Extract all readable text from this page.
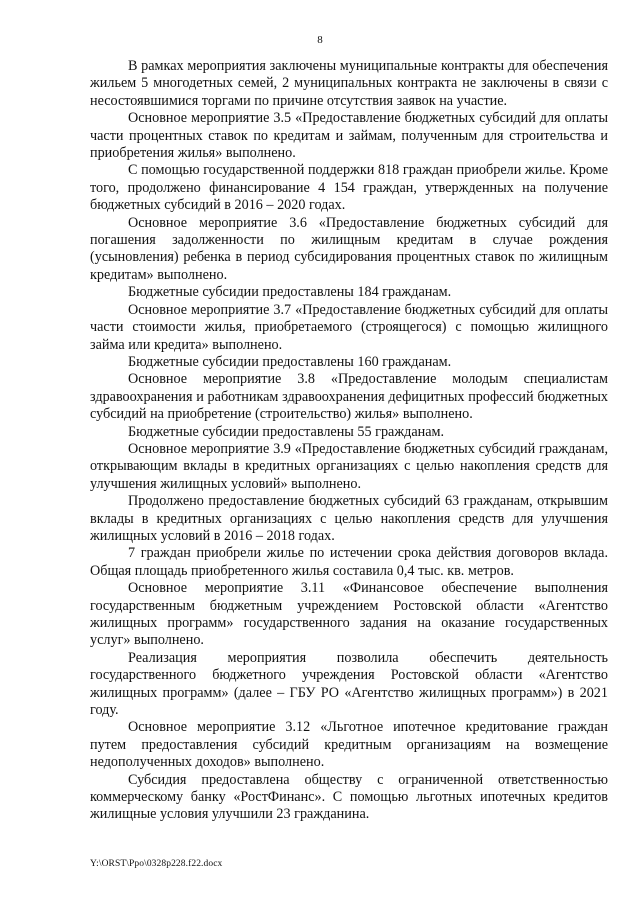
8

В рамках мероприятия заключены муниципальные контракты для обеспечения жильем 5 многодетных семей, 2 муниципальных контракта не заключены в связи с несостоявшимися торгами по причине отсутствия заявок на участие.

Основное мероприятие 3.5 «Предоставление бюджетных субсидий для оплаты части процентных ставок по кредитам и займам, полученным для строительства и приобретения жилья» выполнено.

С помощью государственной поддержки 818 граждан приобрели жилье. Кроме того, продолжено финансирование 4 154 граждан, утвержденных на получение бюджетных субсидий в 2016 – 2020 годах.

Основное мероприятие 3.6 «Предоставление бюджетных субсидий для погашения задолженности по жилищным кредитам в случае рождения (усыновления) ребенка в период субсидирования процентных ставок по жилищным кредитам» выполнено.

Бюджетные субсидии предоставлены 184 гражданам.

Основное мероприятие 3.7 «Предоставление бюджетных субсидий для оплаты части стоимости жилья, приобретаемого (строящегося) с помощью жилищного займа или кредита» выполнено.

Бюджетные субсидии предоставлены 160 гражданам.

Основное мероприятие 3.8 «Предоставление молодым специалистам здравоохранения и работникам здравоохранения дефицитных профессий бюджетных субсидий на приобретение (строительство) жилья» выполнено.

Бюджетные субсидии предоставлены 55 гражданам.

Основное мероприятие 3.9 «Предоставление бюджетных субсидий гражданам, открывающим вклады в кредитных организациях с целью накопления средств для улучшения жилищных условий» выполнено.

Продолжено предоставление бюджетных субсидий 63 гражданам, открывшим вклады в кредитных организациях с целью накопления средств для улучшения жилищных условий в 2016 – 2018 годах.

7 граждан приобрели жилье по истечении срока действия договоров вклада. Общая площадь приобретенного жилья составила 0,4 тыс. кв. метров.

Основное мероприятие 3.11 «Финансовое обеспечение выполнения государственным бюджетным учреждением Ростовской области «Агентство жилищных программ» государственного задания на оказание государственных услуг» выполнено.

Реализация мероприятия позволила обеспечить деятельность государственного бюджетного учреждения Ростовской области «Агентство жилищных программ» (далее – ГБУ РО «Агентство жилищных программ») в 2021 году.

Основное мероприятие 3.12 «Льготное ипотечное кредитование граждан путем предоставления субсидий кредитным организациям на возмещение недополученных доходов» выполнено.

Субсидия предоставлена обществу с ограниченной ответственностью коммерческому банку «РостФинанс». С помощью льготных ипотечных кредитов жилищные условия улучшили 23 гражданина.

Y:\ORST\Ppo\0328p228.f22.docx
